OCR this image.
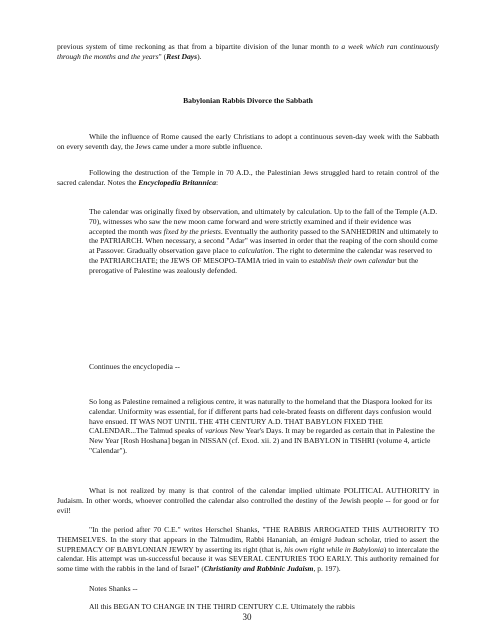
previous system of time reckoning as that from a bipartite division of the lunar month to a week which ran continuously through the months and the years" (Rest Days).

Babylonian Rabbis Divorce the Sabbath

While the influence of Rome caused the early Christians to adopt a continuous seven-day week with the Sabbath on every seventh day, the Jews came under a more subtle influence.

Following the destruction of the Temple in 70 A.D., the Palestinian Jews struggled hard to retain control of the sacred calendar. Notes the Encyclopedia Britannica:

The calendar was originally fixed by observation, and ultimately by calculation. Up to the fall of the Temple (A.D. 70), witnesses who saw the new moon came forward and were strictly examined and if their evidence was accepted the month was fixed by the priests. Eventually the authority passed to the SANHEDRIN and ultimately to the PATRIARCH. When necessary, a second "Adar" was inserted in order that the reaping of the corn should come at Passover. Gradually observation gave place to calculation. The right to determine the calendar was reserved to the PATRIARCHATE; the JEWS OF MESOPO-TAMIA tried in vain to establish their own calendar but the prerogative of Palestine was zealously defended.

Continues the encyclopedia --

So long as Palestine remained a religious centre, it was naturally to the homeland that the Diaspora looked for its calendar. Uniformity was essential, for if different parts had cele-brated feasts on different days confusion would have ensued. IT WAS NOT UNTIL THE 4TH CENTURY A.D. THAT BABYLON FIXED THE CALENDAR...The Talmud speaks of various New Year's Days. It may be regarded as certain that in Palestine the New Year [Rosh Hoshana] began in NISSAN (cf. Exod. xii. 2) and IN BABYLON in TISHRI (volume 4, article "Calendar").

What is not realized by many is that control of the calendar implied ultimate POLITICAL AUTHORITY in Judaism. In other words, whoever controlled the calendar also controlled the destiny of the Jewish people -- for good or for evil!

"In the period after 70 C.E." writes Herschel Shanks, "THE RABBIS ARROGATED THIS AUTHORITY TO THEMSELVES. In the story that appears in the Talmudim, Rabbi Hananiah, an émigré Judean scholar, tried to assert the SUPREMACY OF BABYLONIAN JEWRY by asserting its right (that is, his own right while in Babylonia) to intercalate the calendar. His attempt was un-successful because it was SEVERAL CENTURIES TOO EARLY. This authority remained for some time with the rabbis in the land of Israel" (Christianity and Rabbinic Judaism, p. 197).

30

Notes Shanks --

All this BEGAN TO CHANGE IN THE THIRD CENTURY C.E. Ultimately the rabbis
